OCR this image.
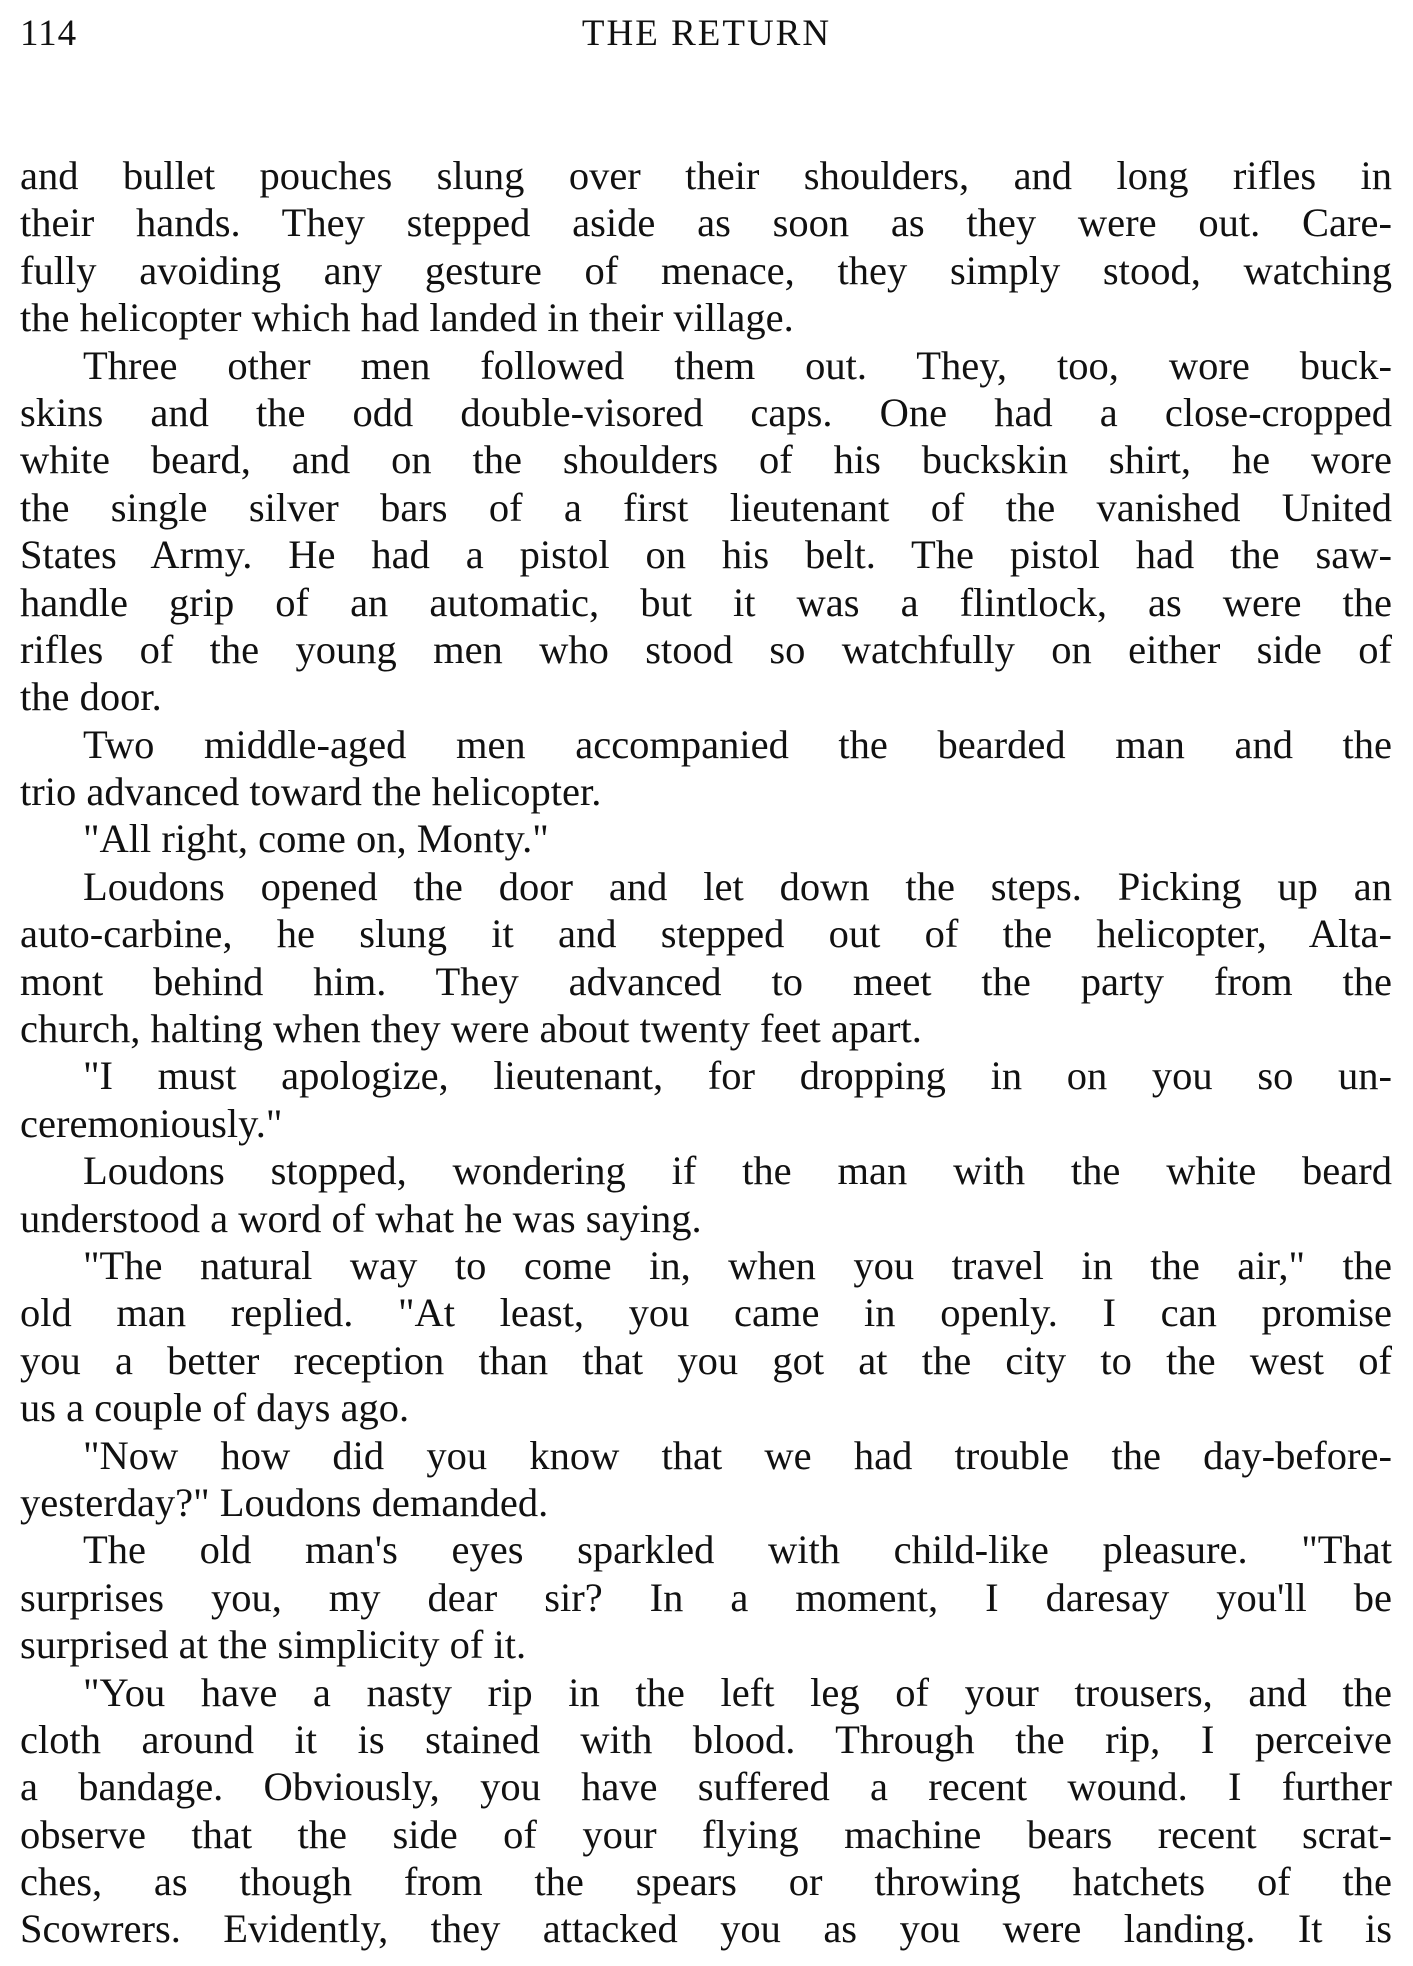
114	THE RETURN
and bullet pouches slung over their shoulders, and long rifles in
their hands. They stepped aside as soon as they were out. Care-
fully avoiding any gesture of menace, they simply stood, watching
the helicopter which had landed in their village.
Three other men followed them out. They, too, wore buck-
skins and the odd double-visored caps. One had a close-cropped
white beard, and on the shoulders of his buckskin shirt, he wore
the single silver bars of a first lieutenant of the vanished United
States Army. He had a pistol on his belt. The pistol had the saw-
handle grip of an automatic, but it was a flintlock, as were the
rifles of the young men who stood so watchfully on either side of
the door.
Two middle-aged men accompanied the bearded man and the
trio advanced toward the helicopter.
"All right, come on, Monty."
Loudons opened the door and let down the steps. Picking up an
auto-carbine, he slung it and stepped out of the helicopter, Alta-
mont behind him. They advanced to meet the party from the
church, halting when they were about twenty feet apart.
"I must apologize, lieutenant, for dropping in on you so un-
ceremoniously."
Loudons stopped, wondering if the man with the white beard
understood a word of what he was saying.
"The natural way to come in, when you travel in the air," the
old man replied. "At least, you came in openly. I can promise
you a better reception than that you got at the city to the west of
us a couple of days ago.
"Now how did you know that we had trouble the day-before-
yesterday?" Loudons demanded.
The old man's eyes sparkled with child-like pleasure. "That
surprises you, my dear sir? In a moment, I daresay you'll be
surprised at the simplicity of it.
"You have a nasty rip in the left leg of your trousers, and the
cloth around it is stained with blood. Through the rip, I perceive
a bandage. Obviously, you have suffered a recent wound. I further
observe that the side of your flying machine bears recent scrat-
ches, as though from the spears or throwing hatchets of the
Scowrers. Evidently, they attacked you as you were landing. It is
